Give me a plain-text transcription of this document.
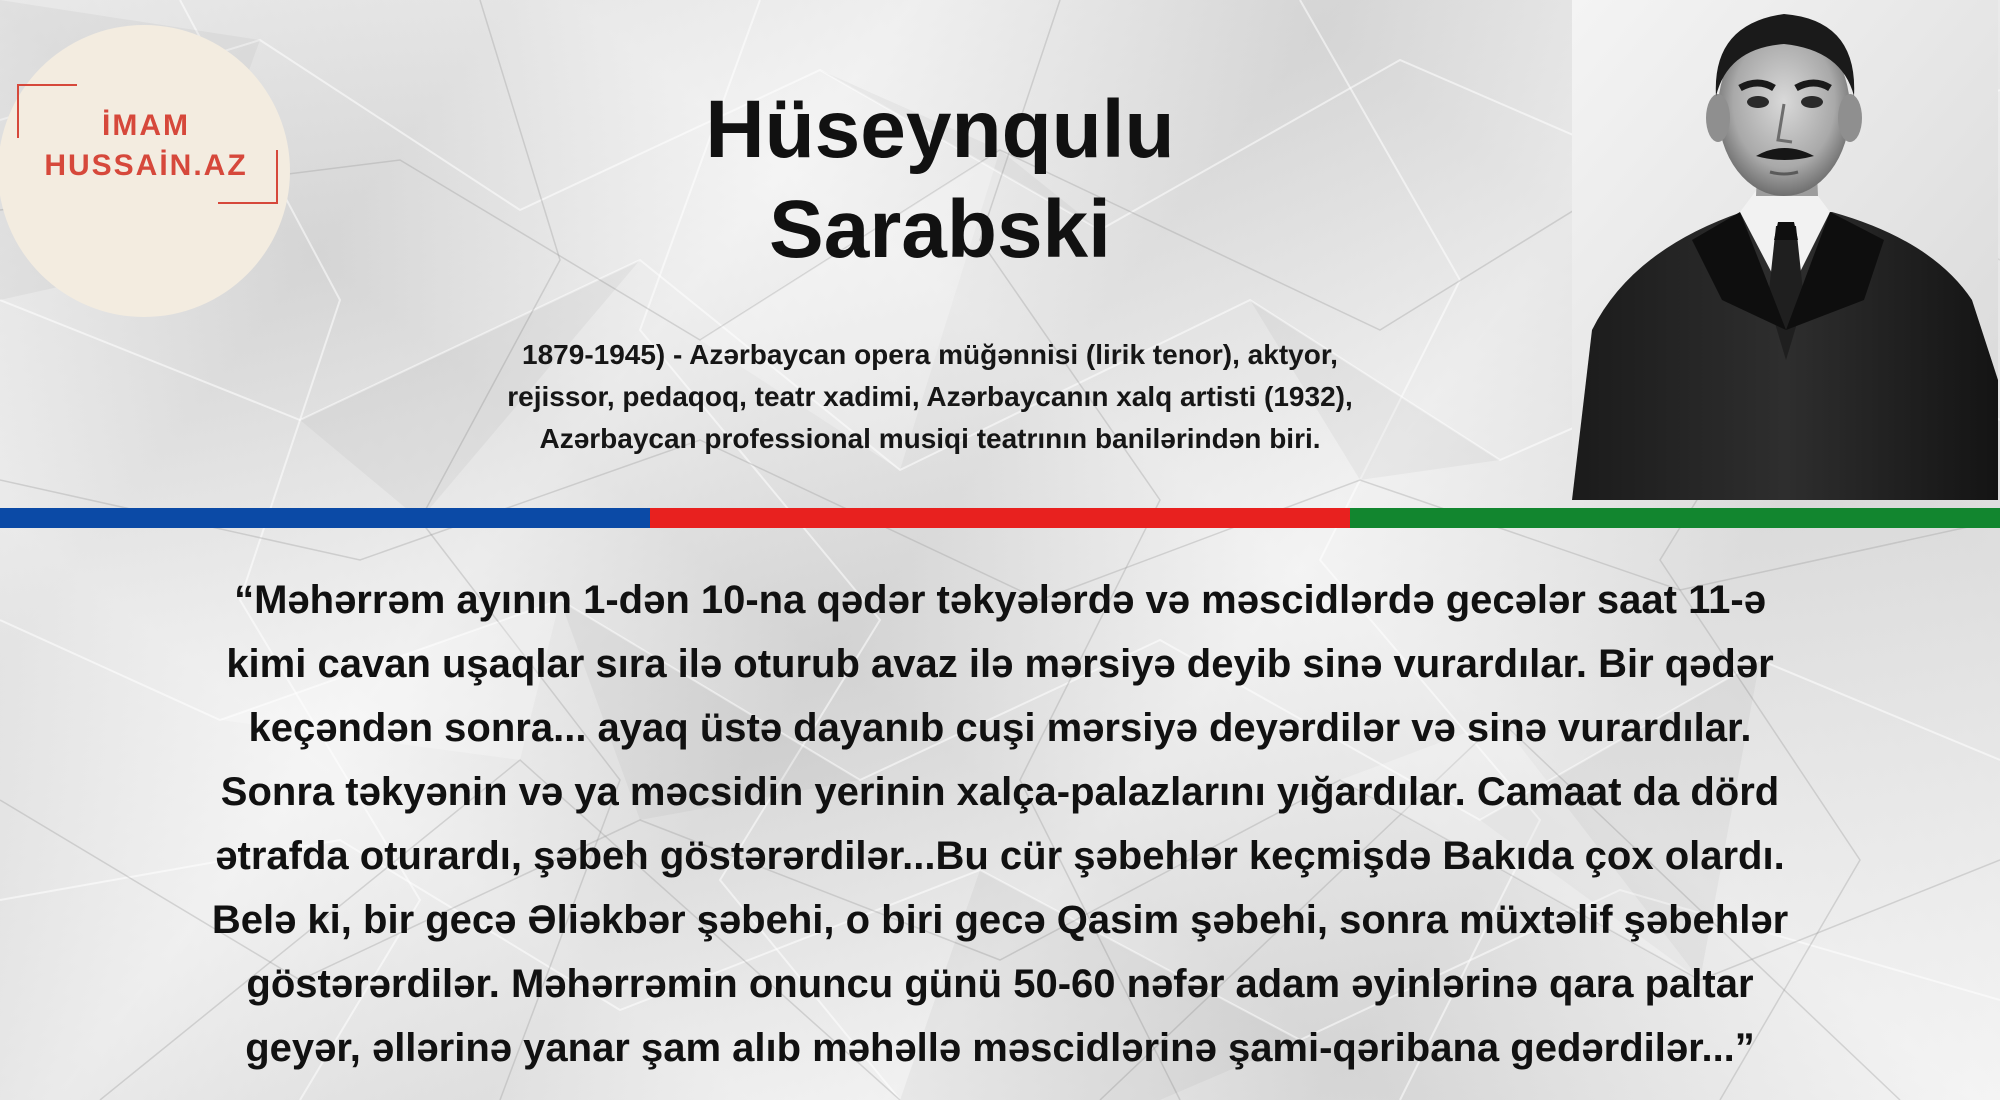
İMAM
HUSSAİN.AZ	Hüseynqulu
Sarabski

1879-1945) - Azərbaycan opera müğənnisi (lirik tenor), aktyor,
rejissor, pedaqoq, teatr xadimi, Azərbaycanın xalq artisti (1932),
Azərbaycan professional musiqi teatrının banilərindən biri.

“Məhərrəm ayının 1-dən 10-na qədər təkyələrdə və məscidlərdə gecələr saat 11-ə
kimi cavan uşaqlar sıra ilə oturub avaz ilə mərsiyə deyib sinə vurardılar. Bir qədər
keçəndən sonra... ayaq üstə dayanıb cuşi mərsiyə deyərdilər və sinə vurardılar.
Sonra təkyənin və ya məcsidin yerinin xalça-palazlarını yığardılar. Camaat da dörd
ətrafda oturardı, şəbeh göstərərdilər...Bu cür şəbehlər keçmişdə Bakıda çox olardı.
Belə ki, bir gecə Əliəkbər şəbehi, o biri gecə Qasim şəbehi, sonra müxtəlif şəbehlər
göstərərdilər. Məhərrəmin onuncu günü 50-60 nəfər adam əyinlərinə qara paltar
geyər, əllərinə yanar şam alıb məhəllə məscidlərinə şami-qəribana gedərdilər...”
